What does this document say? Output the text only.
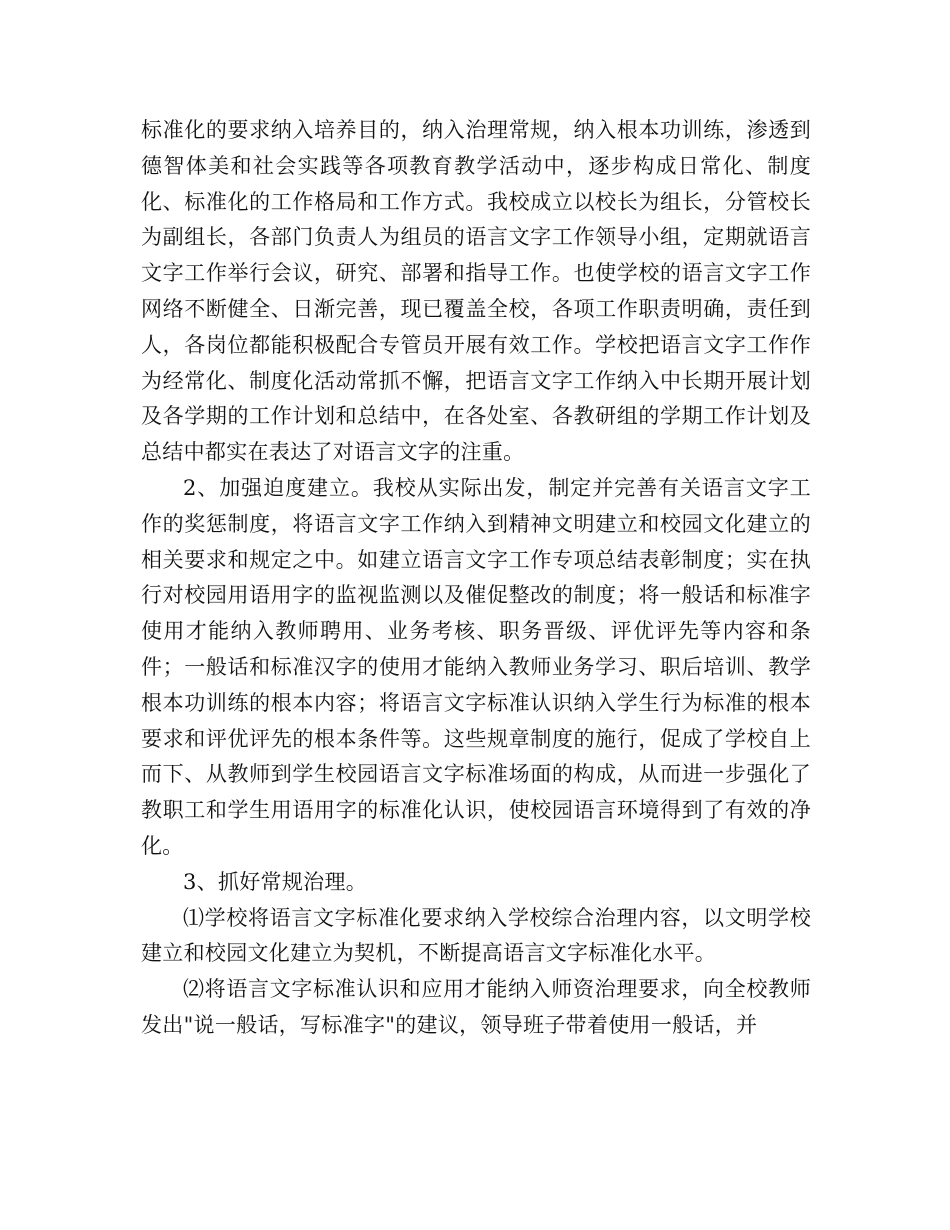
标准化的要求纳入培养目的，纳入治理常规，纳入根本功训练，渗透到德智体美和社会实践等各项教育教学活动中，逐步构成日常化、制度化、标准化的工作格局和工作方式。我校成立以校长为组长，分管校长为副组长，各部门负责人为组员的语言文字工作领导小组，定期就语言文字工作举行会议，研究、部署和指导工作。也使学校的语言文字工作网络不断健全、日渐完善，现已覆盖全校，各项工作职责明确，责任到人，各岗位都能积极配合专管员开展有效工作。学校把语言文字工作作为经常化、制度化活动常抓不懈，把语言文字工作纳入中长期开展计划及各学期的工作计划和总结中，在各处室、各教研组的学期工作计划及总结中都实在表达了对语言文字的注重。

2、加强迫度建立。我校从实际出发，制定并完善有关语言文字工作的奖惩制度，将语言文字工作纳入到精神文明建立和校园文化建立的相关要求和规定之中。如建立语言文字工作专项总结表彰制度；实在执行对校园用语用字的监视监测以及催促整改的制度；将一般话和标准字使用才能纳入教师聘用、业务考核、职务晋级、评优评先等内容和条件；一般话和标准汉字的使用才能纳入教师业务学习、职后培训、教学根本功训练的根本内容；将语言文字标准认识纳入学生行为标准的根本要求和评优评先的根本条件等。这些规章制度的施行，促成了学校自上而下、从教师到学生校园语言文字标准场面的构成，从而进一步强化了教职工和学生用语用字的标准化认识，使校园语言环境得到了有效的净化。

3、抓好常规治理。

⑴学校将语言文字标准化要求纳入学校综合治理内容，以文明学校建立和校园文化建立为契机，不断提高语言文字标准化水平。

⑵将语言文字标准认识和应用才能纳入师资治理要求，向全校教师发出"说一般话，写标准字"的建议，领导班子带着使用一般话，并
